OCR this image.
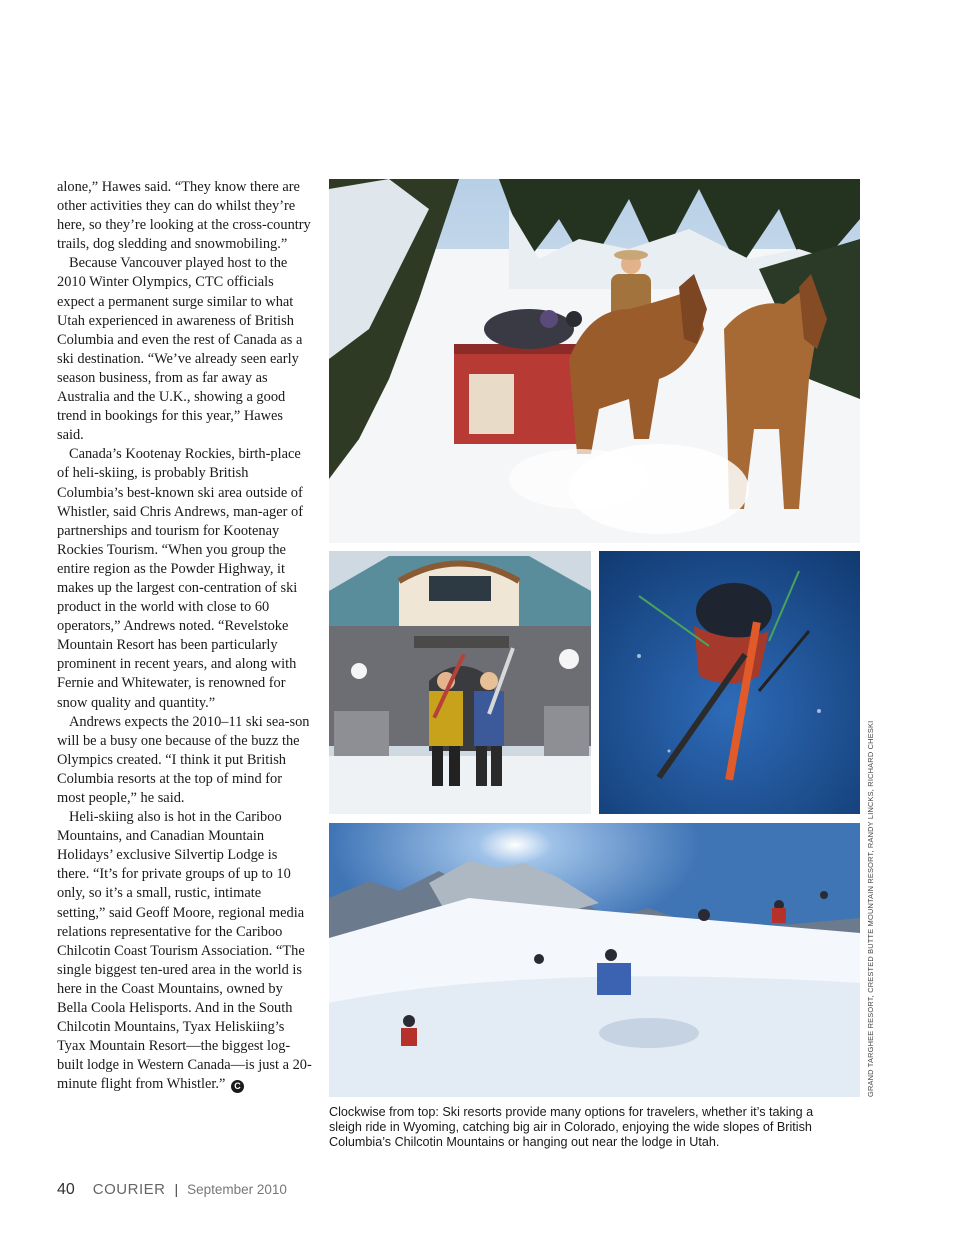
alone,” Hawes said. “They know there are other activities they can do whilst they’re here, so they’re looking at the cross-country trails, dog sledding and snowmobiling.”

Because Vancouver played host to the 2010 Winter Olympics, CTC officials expect a permanent surge similar to what Utah experienced in awareness of British Columbia and even the rest of Canada as a ski destination. “We’ve already seen early season business, from as far away as Australia and the U.K., showing a good trend in bookings for this year,” Hawes said.

Canada’s Kootenay Rockies, birth-place of heli-skiing, is probably British Columbia’s best-known ski area outside of Whistler, said Chris Andrews, man-ager of partnerships and tourism for Kootenay Rockies Tourism. “When you group the entire region as the Powder Highway, it makes up the largest con-centration of ski product in the world with close to 60 operators,” Andrews noted. “Revelstoke Mountain Resort has been particularly prominent in recent years, and along with Fernie and Whitewater, is renowned for snow quality and quantity.”

Andrews expects the 2010–11 ski sea-son will be a busy one because of the buzz the Olympics created. “I think it put British Columbia resorts at the top of mind for most people,” he said.

Heli-skiing also is hot in the Cariboo Mountains, and Canadian Mountain Holidays’ exclusive Silvertip Lodge is there. “It’s for private groups of up to 10 only, so it’s a small, rustic, intimate setting,” said Geoff Moore, regional media relations representative for the Cariboo Chilcotin Coast Tourism Association. “The single biggest ten-ured area in the world is here in the Coast Mountains, owned by Bella Coola Helisports. And in the South Chilcotin Mountains, Tyax Heliskiing’s Tyax Mountain Resort—the biggest log-built lodge in Western Canada—is just a 20-minute flight from Whistler.” C	GRAND TARGHEE RESORT, CRESTED BUTTE MOUNTAIN RESORT, RANDY LINCKS, RICHARD CHESKI
Clockwise from top: Ski resorts provide many options for travelers, whether it’s taking a sleigh ride in Wyoming, catching big air in Colorado, enjoying the wide slopes of British Columbia’s Chilcotin Mountains or hanging out near the lodge in Utah.
40 COURIER | September 2010
